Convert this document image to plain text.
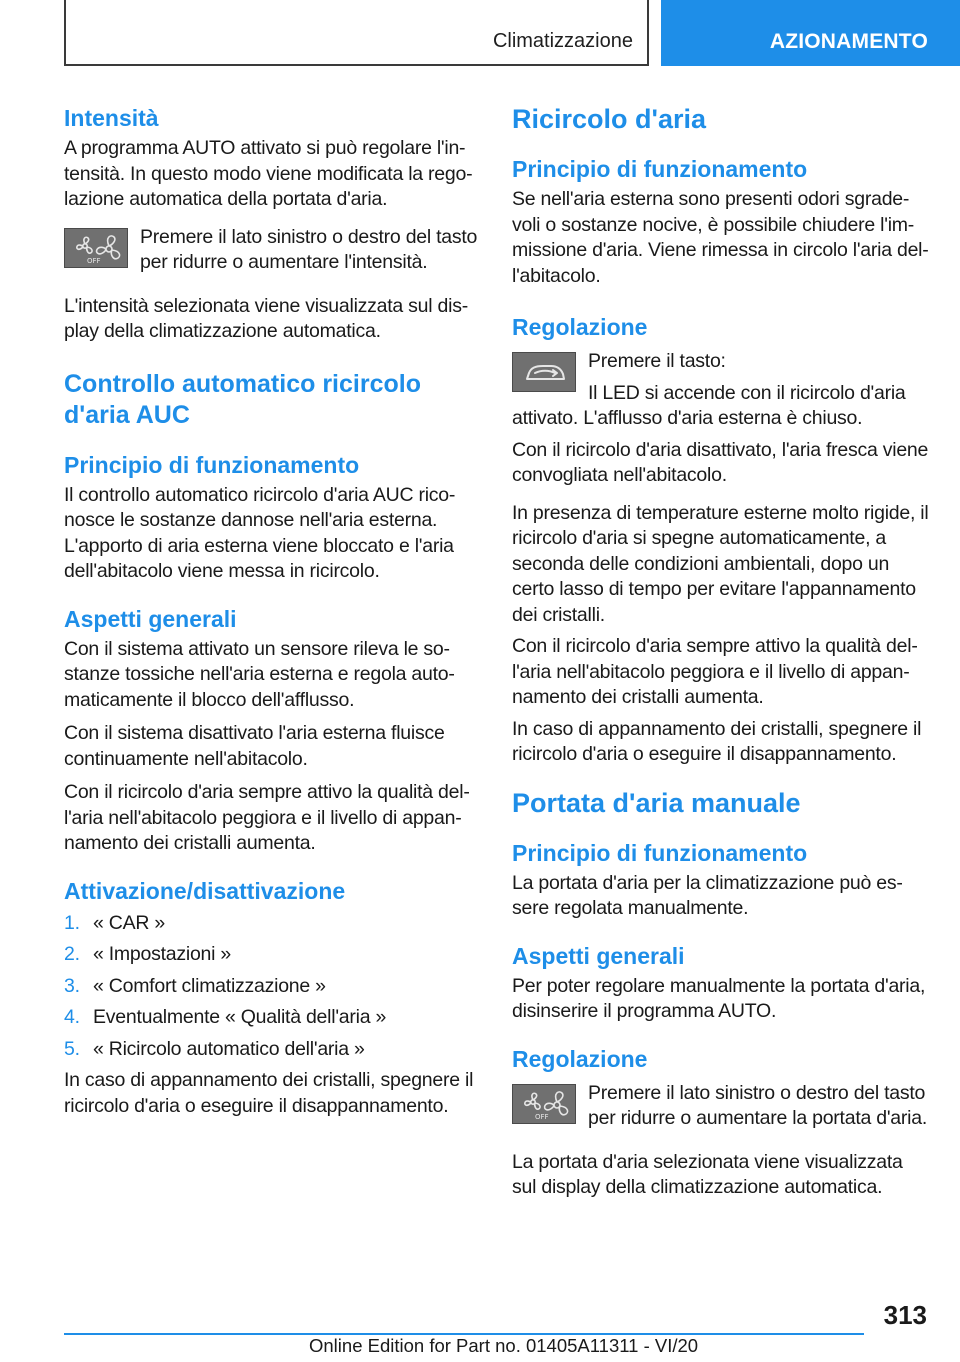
Climatizzazione	AZIONAMENTO
Intensità

A programma AUTO attivato si può regolare l'in- tensità. In questo modo viene modificata la rego- lazione automatica della portata d'aria.

OFF

Premere il lato sinistro o destro del tasto per ridurre o aumentare l'intensità.

L'intensità selezionata viene visualizzata sul dis- play della climatizzazione automatica.

Controllo automatico ricircolo d'aria AUC
Principio di funzionamento

Il controllo automatico ricircolo d'aria AUC rico- nosce le sostanze dannose nell'aria esterna. L'apporto di aria esterna viene bloccato e l'aria dell'abitacolo viene messa in ricircolo.

Aspetti generali

Con il sistema attivato un sensore rileva le so- stanze tossiche nell'aria esterna e regola auto- maticamente il blocco dell'afflusso.

Con il sistema disattivato l'aria esterna fluisce continuamente nell'abitacolo.

Con il ricircolo d'aria sempre attivo la qualità del- l'aria nell'abitacolo peggiora e il livello di appan- namento dei cristalli aumenta.

Attivazione/disattivazione
1. « CAR »
2. « Impostazioni »
3. « Comfort climatizzazione »
4. Eventualmente « Qualità dell'aria »
5. « Ricircolo automatico dell'aria »

In caso di appannamento dei cristalli, spegnere il ricircolo d'aria o eseguire il disappannamento.

Ricircolo d'aria
Principio di funzionamento

Se nell'aria esterna sono presenti odori sgrade- voli o sostanze nocive, è possibile chiudere l'im- missione d'aria. Viene rimessa in circolo l'aria del- l'abitacolo.

Regolazione

Premere il tasto:

Il LED si accende con il ricircolo d'aria

attivato. L'afflusso d'aria esterna è chiuso.

Con il ricircolo d'aria disattivato, l'aria fresca viene convogliata nell'abitacolo.

In presenza di temperature esterne molto rigide, il ricircolo d'aria si spegne automaticamente, a seconda delle condizioni ambientali, dopo un certo lasso di tempo per evitare l'appannamento dei cristalli.

Con il ricircolo d'aria sempre attivo la qualità del- l'aria nell'abitacolo peggiora e il livello di appan- namento dei cristalli aumenta.

In caso di appannamento dei cristalli, spegnere il ricircolo d'aria o eseguire il disappannamento.

Portata d'aria manuale
Principio di funzionamento

La portata d'aria per la climatizzazione può es- sere regolata manualmente.

Aspetti generali

Per poter regolare manualmente la portata d'aria, disinserire il programma AUTO.

Regolazione
OFF

Premere il lato sinistro o destro del tasto per ridurre o aumentare la portata d'aria.

La portata d'aria selezionata viene visualizzata sul display della climatizzazione automatica.

313
Online Edition for Part no. 01405A11311 - VI/20
